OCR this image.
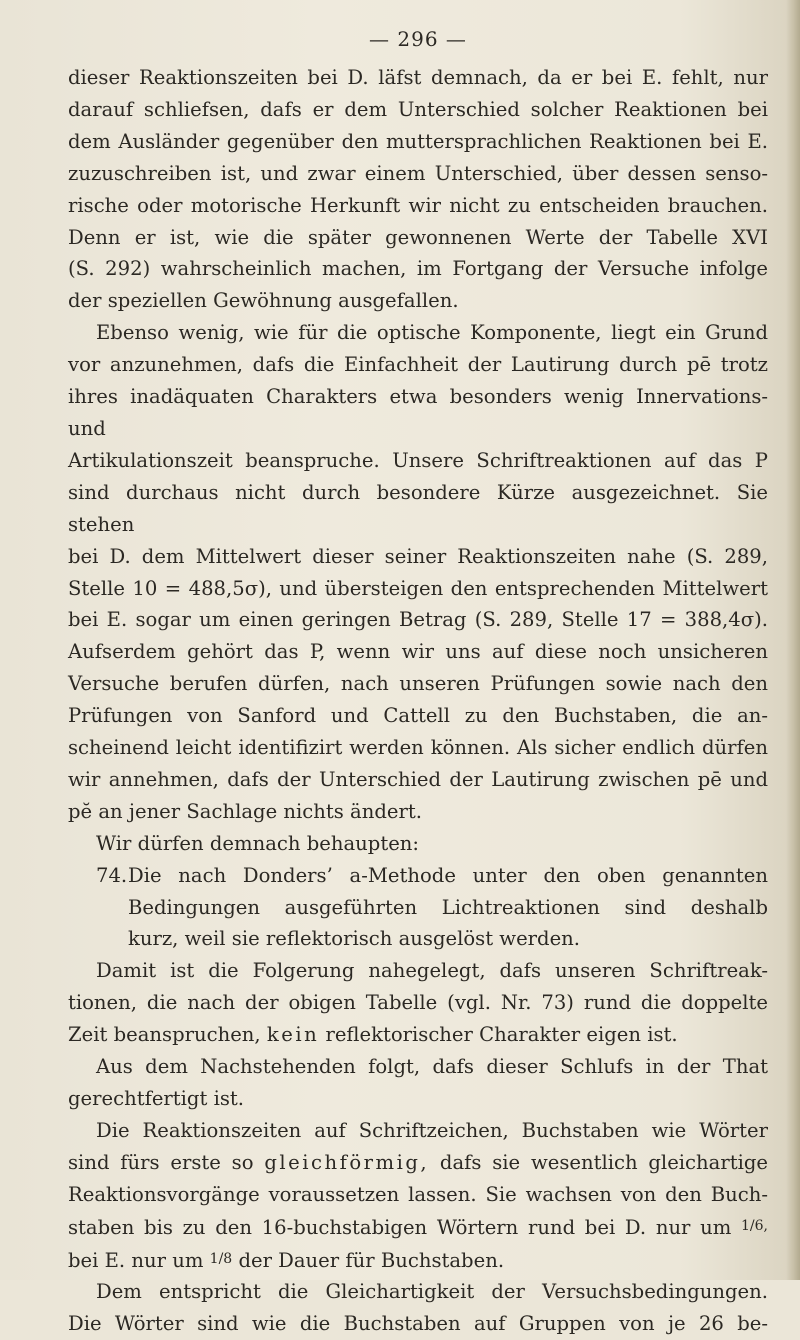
— 296 —

dieser Reaktionszeiten bei D. läfst demnach, da er bei E. fehlt, nur

darauf schliefsen, dafs er dem Unterschied solcher Reaktionen bei

dem Ausländer gegenüber den muttersprachlichen Reaktionen bei E.

zuzuschreiben ist, und zwar einem Unterschied, über dessen senso-

rische oder motorische Herkunft wir nicht zu entscheiden brauchen.

Denn er ist, wie die später gewonnenen Werte der Tabelle XVI

(S. 292) wahrscheinlich machen, im Fortgang der Versuche infolge

der speziellen Gewöhnung ausgefallen.

Ebenso wenig, wie für die optische Komponente, liegt ein Grund

vor anzunehmen, dafs die Einfachheit der Lautirung durch pē trotz

ihres inadäquaten Charakters etwa besonders wenig Innervations- und

Artikulationszeit beanspruche. Unsere Schriftreaktionen auf das P

sind durchaus nicht durch besondere Kürze ausgezeichnet. Sie stehen

bei D. dem Mittelwert dieser seiner Reaktionszeiten nahe (S. 289,

Stelle 10 = 488,5σ), und übersteigen den entsprechenden Mittelwert

bei E. sogar um einen geringen Betrag (S. 289, Stelle 17 = 388,4σ).

Aufserdem gehört das P, wenn wir uns auf diese noch unsicheren

Versuche berufen dürfen, nach unseren Prüfungen sowie nach den

Prüfungen von Sanford und Cattell zu den Buchstaben, die an-

scheinend leicht identifizirt werden können. Als sicher endlich dürfen

wir annehmen, dafs der Unterschied der Lautirung zwischen pē und

pĕ an jener Sachlage nichts ändert.

Wir dürfen demnach behaupten:

74. Die nach Donders’ a-Methode unter den oben genannten

Bedingungen ausgeführten Lichtreaktionen sind deshalb

kurz, weil sie reflektorisch ausgelöst werden.

Damit ist die Folgerung nahegelegt, dafs unseren Schriftreak-

tionen, die nach der obigen Tabelle (vgl. Nr. 73) rund die doppelte

Zeit beanspruchen, kein reflektorischer Charakter eigen ist.

Aus dem Nachstehenden folgt, dafs dieser Schlufs in der That

gerechtfertigt ist.

Die Reaktionszeiten auf Schriftzeichen, Buchstaben wie Wörter

sind fürs erste so gleichförmig, dafs sie wesentlich gleichartige

Reaktionsvorgänge voraussetzen lassen. Sie wachsen von den Buch-

staben bis zu den 16-buchstabigen Wörtern rund bei D. nur um $^{1/6,}$

bei E. nur um $^{1/8}$ der Dauer für Buchstaben.

Dem entspricht die Gleichartigkeit der Versuchsbedingungen.

Die Wörter sind wie die Buchstaben auf Gruppen von je 26 be-
